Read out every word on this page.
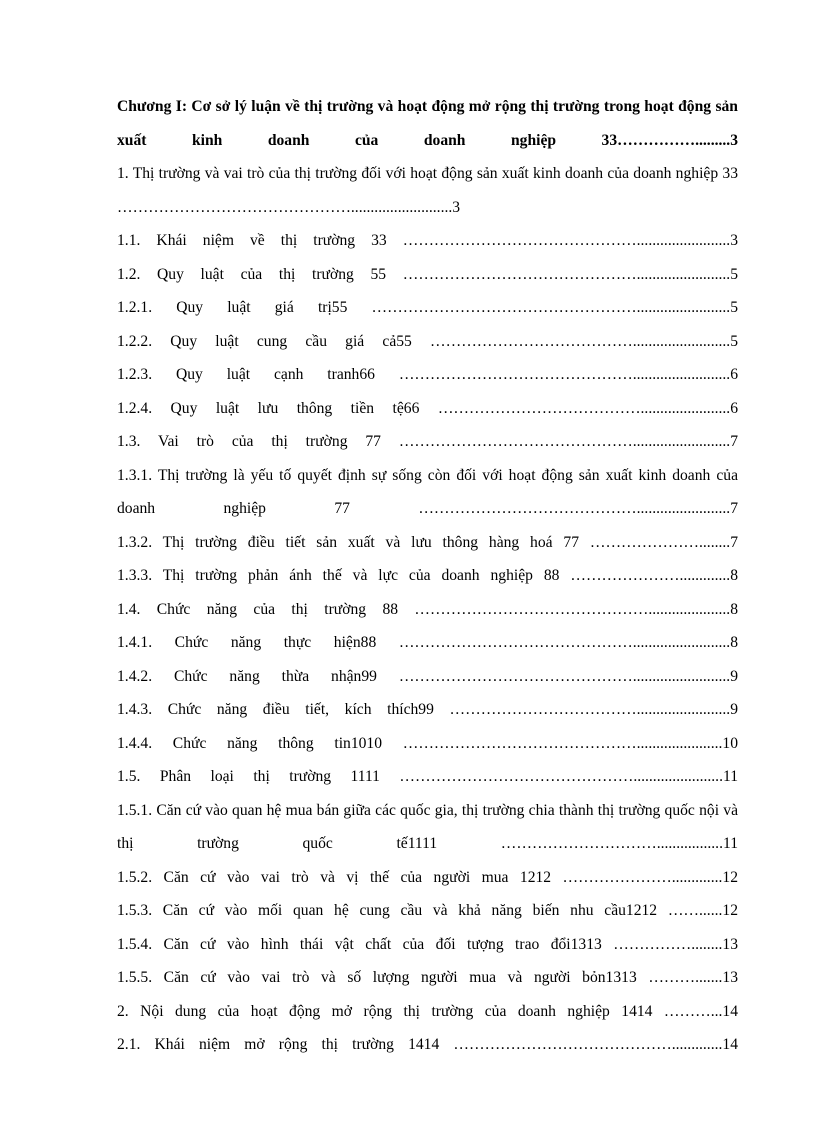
Chương I: Cơ sở lý luận về thị trường và hoạt động mở rộng thị trường trong hoạt động sản xuất kinh doanh của doanh nghiệp 33…………….........3

1. Thị trường và vai trò của thị trường đối với hoạt động sản xuất kinh doanh của doanh nghiệp 33 ………………………………………..........................3

1.1. Khái niệm về thị trường 33 ………………………………………........................3

1.2. Quy luật của thị trường 55 ………………………………………........................5

1.2.1. Quy luật giá trị55 ……………………………………………........................5

1.2.2. Quy luật cung cầu giá cả55 ………………………………….........................5

1.2.3. Quy luật cạnh tranh66 ……………………………………….........................6

1.2.4. Quy luật lưu thông tiền tệ66 ………………………………….......................6

1.3. Vai trò của thị trường 77 ……………………………………….........................7

1.3.1. Thị trường là yếu tố quyết định sự sống còn đối với hoạt động sản xuất kinh doanh của doanh nghiệp 77 ……………………………………........................7

1.3.2. Thị trường điều tiết sản xuất và lưu thông hàng hoá 77 …………………........7

1.3.3. Thị trường phản ánh thế và lực của doanh nghiệp 88 ………………….............8

1.4. Chức năng của thị trường 88 ……………………………………….....................8

1.4.1. Chức năng thực hiện88 ……………………………………….........................8

1.4.2. Chức năng thừa nhận99 ……………………………………….........................9

1.4.3. Chức năng điều tiết, kích thích99 ………………………………........................9

1.4.4. Chức năng thông tin1010 ………………………………………......................10

1.5. Phân loại thị trường 1111 ……………………………………….......................11

1.5.1. Căn cứ vào quan hệ mua bán giữa các quốc gia, thị trường chia thành thị trường quốc nội và thị trường quốc tế1111 ………………………….................11

1.5.2. Căn cứ vào vai trò và vị thế của người mua 1212 ………………….............12

1.5.3. Căn cứ vào mối quan hệ cung cầu và khả năng biến nhu cầu1212 ……......12

1.5.4. Căn cứ vào hình thái vật chất của đối tượng trao đổi1313 ……………........13

1.5.5. Căn cứ vào vai trò và số lượng người mua và người bỏn1313 ……….......13

2. Nội dung của hoạt động mở rộng thị trường của doanh nghiệp 1414 ………...14

2.1. Khái niệm mở rộng thị trường 1414 …………………………………….............14
